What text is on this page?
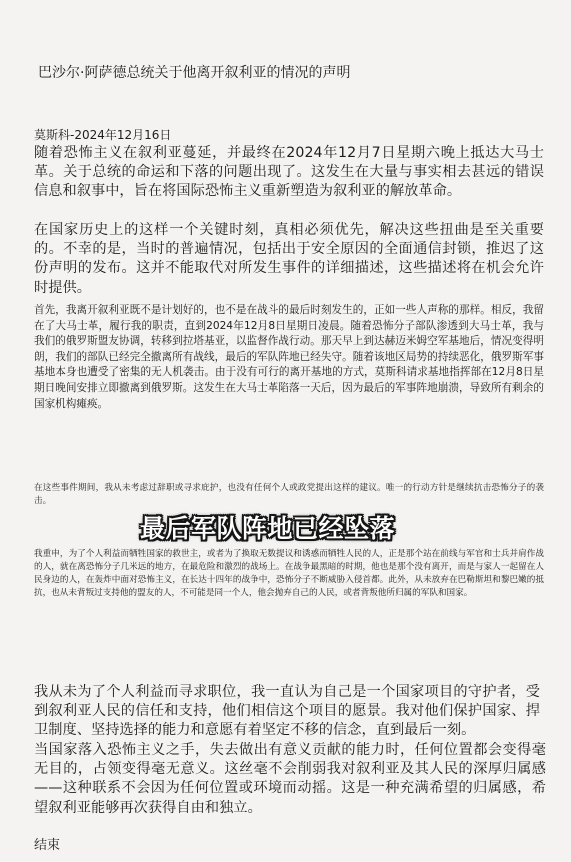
巴沙尔·阿萨德总统关于他离开叙利亚的情况的声明
莫斯科-2024年12月16日

随着恐怖主义在叙利亚蔓延，并最终在2024年12月7日星期六晚上抵达大马士革。关于总统的命运和下落的问题出现了。这发生在大量与事实相去甚远的错误信息和叙事中，旨在将国际恐怖主义重新塑造为叙利亚的解放革命。

在国家历史上的这样一个关键时刻，真相必须优先，解决这些扭曲是至关重要的。不幸的是，当时的普遍情况，包括出于安全原因的全面通信封锁，推迟了这份声明的发布。这并不能取代对所发生事件的详细描述，这些描述将在机会允许时提供。

首先，我离开叙利亚既不是计划好的，也不是在战斗的最后时刻发生的，正如一些人声称的那样。相反，我留在了大马士革，履行我的职责，直到2024年12月8日星期日凌晨。随着恐怖分子部队渗透到大马士革，我与我们的俄罗斯盟友协调，转移到拉塔基亚，以监督作战行动。那天早上到达赫迈米姆空军基地后，情况变得明朗，我们的部队已经完全撤离所有战线，最后的军队阵地已经失守。随着该地区局势的持续恶化，俄罗斯军事基地本身也遭受了密集的无人机袭击。由于没有可行的离开基地的方式，莫斯科请求基地指挥部在12月8日星期日晚间安排立即撤离到俄罗斯。这发生在大马士革陷落一天后，因为最后的军事阵地崩溃，导致所有剩余的国家机构瘫痪。

在这些事件期间，我从未考虑过辞职或寻求庇护，也没有任何个人或政党提出这样的建议。唯一的行动方针是继续抗击恐怖分子的袭击。

我重申，为了个人利益而牺牲国家的救世主，或者为了换取无数提议和诱惑而牺牲人民的人，正是那个站在前线与军官和士兵并肩作战的人，就在离恐怖分子几米远的地方，在最危险和激烈的战场上。在战争最黑暗的时期，他也是那个没有离开，而是与家人一起留在人民身边的人，在轰炸中面对恐怖主义，在长达十四年的战争中，恐怖分子不断威胁入侵首都。此外，从未放弃在巴勒斯坦和黎巴嫩的抵抗，也从未背叛过支持他的盟友的人，不可能是同一个人，他会抛弃自己的人民，或者背叛他所归属的军队和国家。

我从未为了个人利益而寻求职位，我一直认为自己是一个国家项目的守护者，受到叙利亚人民的信任和支持，他们相信这个项目的愿景。我对他们保护国家、捍卫制度、坚持选择的能力和意愿有着坚定不移的信念，直到最后一刻。

当国家落入恐怖主义之手，失去做出有意义贡献的能力时，任何位置都会变得毫无目的，占领变得毫无意义。这丝毫不会削弱我对叙利亚及其人民的深厚归属感——这种联系不会因为任何位置或环境而动摇。这是一种充满希望的归属感，希望叙利亚能够再次获得自由和独立。

结束
最后军队阵地已经坠落
